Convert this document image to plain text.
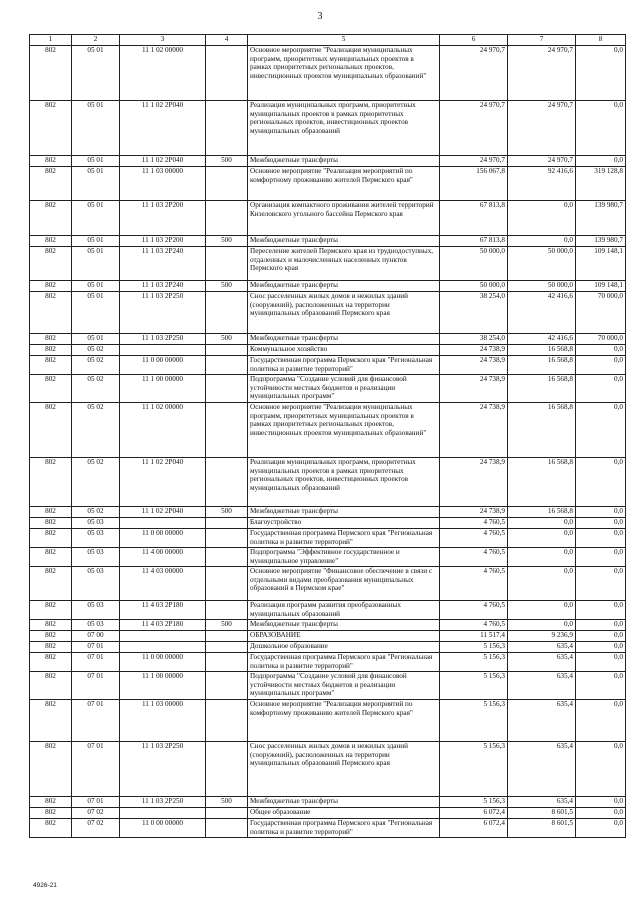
3
1	2	3	4	5	6	7	8
802	05 01	11 1 02 00000		Основное мероприятие "Реализация муниципальных программ, приоритетных муниципальных проектов в рамках приоритетных региональных проектов, инвестиционных проектов муниципальных образований"	24 970,7	24 970,7	0,0
802	05 01	11 1 02 2P040		Реализация муниципальных программ, приоритетных муниципальных проектов в рамках приоритетных региональных проектов, инвестиционных проектов муниципальных образований	24 970,7	24 970,7	0,0
802	05 01	11 1 02 2P040	500	Межбюджетные трансферты	24 970,7	24 970,7	0,0
802	05 01	11 1 03 00000		Основное мероприятие "Реализация мероприятий по комфортному проживанию жителей Пермского края"	156 067,8	92 416,6	319 128,8
802	05 01	11 1 03 2P200		Организация компактного проживания жителей территорий Кизеловского угольного бассейна Пермского края	67 813,8	0,0	139 980,7
802	05 01	11 1 03 2P200	500	Межбюджетные трансферты	67 813,8	0,0	139 980,7
802	05 01	11 1 03 2P240		Переселение жителей Пермского края из труднодоступных, отдаленных и малочисленных населенных пунктов Пермского края	50 000,0	50 000,0	109 148,1
802	05 01	11 1 03 2P240	500	Межбюджетные трансферты	50 000,0	50 000,0	109 148,1
802	05 01	11 1 03 2P250		Снос расселенных жилых домов и нежилых зданий (сооружений), расположенных на территории муниципальных образований Пермского края	38 254,0	42 416,6	70 000,0
802	05 01	11 1 03 2P250	500	Межбюджетные трансферты	38 254,0	42 416,6	70 000,0
802	05 02			Коммунальное хозяйство	24 738,9	16 568,8	0,0
802	05 02	11 0 00 00000		Государственная программа Пермского края "Региональная политика и развитие территорий"	24 738,9	16 568,8	0,0
802	05 02	11 1 00 00000		Подпрограмма "Создание условий для финансовой устойчивости местных бюджетов и реализации муниципальных программ"	24 738,9	16 568,8	0,0
802	05 02	11 1 02 00000		Основное мероприятие "Реализация муниципальных программ, приоритетных муниципальных проектов в рамках приоритетных региональных проектов, инвестиционных проектов муниципальных образований"	24 738,9	16 568,8	0,0
802	05 02	11 1 02 2P040		Реализация муниципальных программ, приоритетных муниципальных проектов в рамках приоритетных региональных проектов, инвестиционных проектов муниципальных образований	24 738,9	16 568,8	0,0
802	05 02	11 1 02 2P040	500	Межбюджетные трансферты	24 738,9	16 568,8	0,0
802	05 03			Благоустройство	4 760,5	0,0	0,0
802	05 03	11 0 00 00000		Государственная программа Пермского края "Региональная политика и развитие территорий"	4 760,5	0,0	0,0
802	05 03	11 4 00 00000		Подпрограмма "Эффективное государственное и муниципальное управление"	4 760,5	0,0	0,0
802	05 03	11 4 03 00000		Основное мероприятие "Финансовое обеспечение в связи с отдельными видами преобразования муниципальных образований в Пермском крае"	4 760,5	0,0	0,0
802	05 03	11 4 03 2P180		Реализация программ развития преобразованных муниципальных образований	4 760,5	0,0	0,0
802	05 03	11 4 03 2P180	500	Межбюджетные трансферты	4 760,5	0,0	0,0
802	07 00			ОБРАЗОВАНИЕ	11 517,4	9 236,9	0,0
802	07 01			Дошкольное образование	5 156,3	635,4	0,0
802	07 01	11 0 00 00000		Государственная программа Пермского края "Региональная политика и развитие территорий"	5 156,3	635,4	0,0
802	07 01	11 1 00 00000		Подпрограмма "Создание условий для финансовой устойчивости местных бюджетов и реализации муниципальных программ"	5 156,3	635,4	0,0
802	07 01	11 1 03 00000		Основное мероприятие "Реализация мероприятий по комфортному проживанию жителей Пермского края"	5 156,3	635,4	0,0
802	07 01	11 1 03 2P250		Снос расселенных жилых домов и нежилых зданий (сооружений), расположенных на территории муниципальных образований Пермского края	5 156,3	635,4	0,0
802	07 01	11 1 03 2P250	500	Межбюджетные трансферты	5 156,3	635,4	0,0
802	07 02			Общее образование	6 072,4	8 601,5	0,0
802	07 02	11 0 00 00000		Государственная программа Пермского края "Региональная политика и развитие территорий"	6 072,4	8 601,5	0,0
4926-21
